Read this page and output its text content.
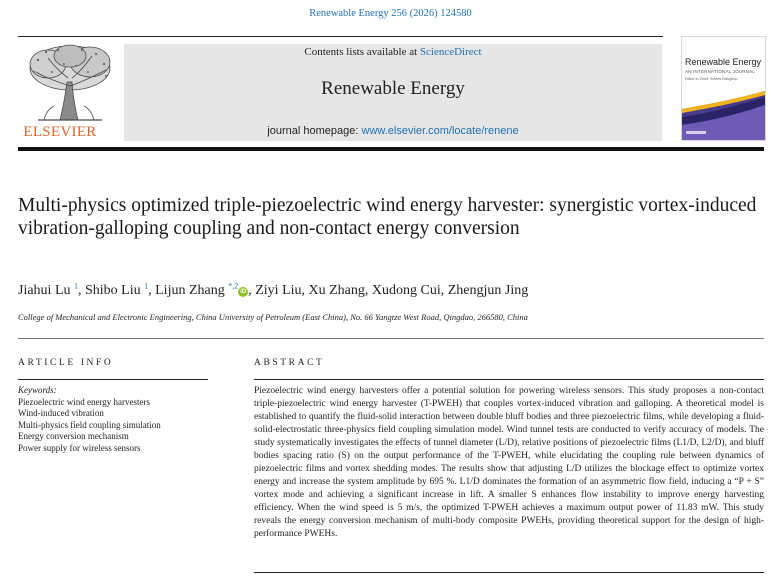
Renewable Energy 256 (2026) 124580
ELSEVIER
Contents lists available at ScienceDirect
Renewable Energy
journal homepage: www.elsevier.com/locate/renene
Renewable Energy
AN INTERNATIONAL JOURNAL
Editor-in-Chief: Soteris Kalogirou
Multi-physics optimized triple-piezoelectric wind energy harvester: synergistic vortex-induced vibration-galloping coupling and non-contact energy conversion
Jiahui Lu $^1$, Shibo Liu $^1$, Lijun Zhang $^{*,2}$iD , Ziyi Liu, Xu Zhang, Xudong Cui, Zhengjun Jing
College of Mechanical and Electronic Engineering, China University of Petroleum (East China), No. 66 Yangtze West Road, Qingdao, 266580, China
ARTICLE INFO	ABSTRACT
Keywords:
Piezoelectric wind energy harvesters
Wind-induced vibration
Multi-physics field coupling simulation
Energy conversion mechanism
Power supply for wireless sensors

Piezoelectric wind energy harvesters offer a potential solution for powering wireless sensors. This study proposes a non-contact triple-piezoelectric wind energy harvester (T-PWEH) that couples vortex-induced vibration and galloping. A theoretical model is established to quantify the fluid-solid interaction between double bluff bodies and three piezoelectric films, while developing a fluid-solid-electrostatic three-physics field coupling simulation model. Wind tunnel tests are conducted to verify accuracy of models. The study systematically investigates the effects of tunnel diameter (L/D), relative positions of piezoelectric films (L1/D, L2/D), and bluff bodies spacing ratio (S) on the output performance of the T-PWEH, while elucidating the coupling rule between dynamics of piezoelectric films and vortex shedding modes. The results show that adjusting L/D utilizes the blockage effect to optimize vortex energy and increase the system amplitude by 695 %. L1/D dominates the formation of an asymmetric flow field, inducing a “P + S” vortex mode and achieving a significant increase in lift. A smaller S enhances flow instability to improve energy harvesting efficiency. When the wind speed is 5 m/s, the optimized T-PWEH achieves a maximum output power of 11.83 mW. This study reveals the energy conversion mechanism of multi-body composite PWEHs, providing theoretical support for the design of high-performance PWEHs.
